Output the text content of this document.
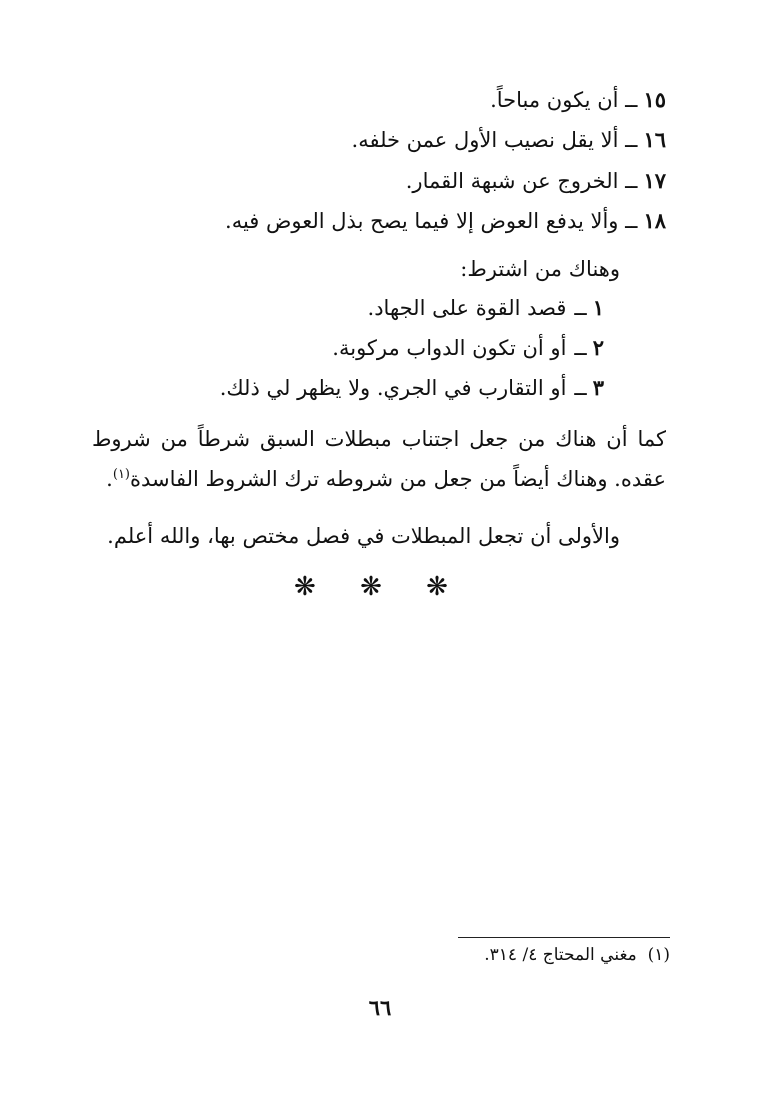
١٥ــ أن يكون مباحاً.
١٦ــ ألا يقل نصيب الأول عمن خلفه.
١٧ــ الخروج عن شبهة القمار.
١٨ــ وألا يدفع العوض إلا فيما يصح بذل العوض فيه.
وهناك من اشترط:
١ــقصد القوة على الجهاد.
٢ــأو أن تكون الدواب مركوبة.
٣ــأو التقارب في الجري. ولا يظهر لي ذلك.
كما أن هناك من جعل اجتناب مبطلات السبق شرطاً من شروط
عقده. وهناك أيضاً من جعل من شروطه ترك الشروط الفاسدة$^{(١)}$.
والأولى أن تجعل المبطلات في فصل مختص بها، والله أعلم.
❋ ❋ ❋
(١)  مغني المحتاج ٤/ ٣١٤.
٦٦
